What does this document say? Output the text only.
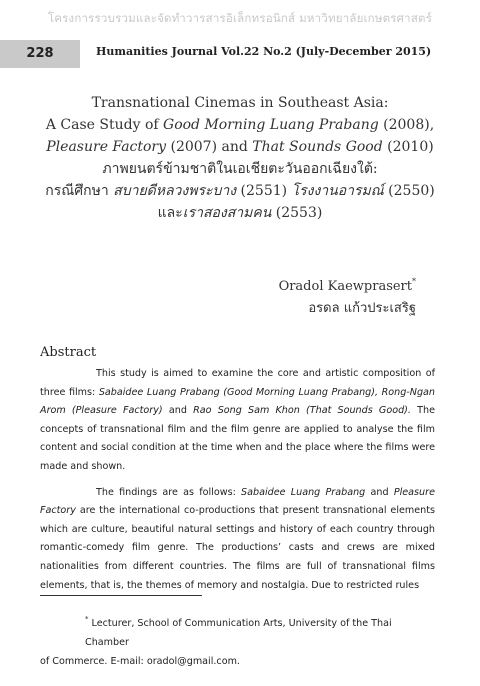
โครงการรวบรวมและจัดทำวารสารอิเล็กทรอนิกส์ มหาวิทยาลัยเกษตรศาสตร์
228	Humanities Journal Vol.22 No.2 (July-December 2015)
Transnational Cinemas in Southeast Asia:
A Case Study of Good Morning Luang Prabang (2008),
Pleasure Factory (2007) and That Sounds Good (2010)
ภาพยนตร์ข้ามชาติในเอเชียตะวันออกเฉียงใต้:
กรณีศึกษา สบายดีหลวงพระบาง (2551) โรงงานอารมณ์ (2550)
และเราสองสามคน (2553)
Oradol Kaewprasert*
อรดล แก้วประเสริฐ
Abstract

This study is aimed to examine the core and artistic composition of three films: Sabaidee Luang Prabang (Good Morning Luang Prabang), Rong-Ngan Arom (Pleasure Factory) and Rao Song Sam Khon (That Sounds Good). The concepts of transnational film and the film genre are applied to analyse the film content and social condition at the time when and the place where the films were made and shown.

The findings are as follows: Sabaidee Luang Prabang and Pleasure Factory are the international co-productions that present transnational elements which are culture, beautiful natural settings and history of each country through romantic-comedy film genre. The productions’ casts and crews are mixed nationalities from different countries. The films are full of transnational films elements, that is, the themes of memory and nostalgia. Due to restricted rules

* Lecturer, School of Communication Arts, University of the Thai Chamber
of Commerce. E-mail: oradol@gmail.com.
